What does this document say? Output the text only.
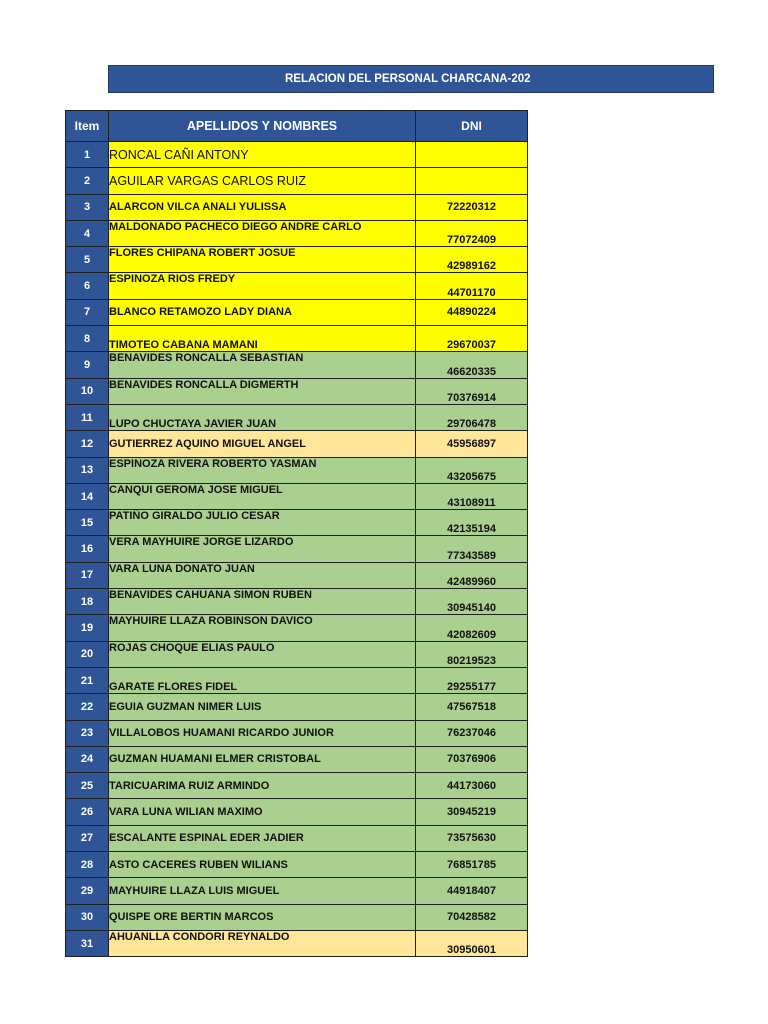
RELACION DEL PERSONAL CHARCANA-202
Item	APELLIDOS Y NOMBRES	DNI
1	RONCAL CAÑI ANTONY	
2	AGUILAR VARGAS CARLOS RUIZ	
3	ALARCON VILCA ANALI YULISSA	72220312
4	MALDONADO PACHECO DIEGO ANDRE CARLO	77072409
5	FLORES CHIPANA ROBERT JOSUE	42989162
6	ESPINOZA RIOS FREDY	44701170
7	BLANCO RETAMOZO LADY DIANA	44890224
8	TIMOTEO CABANA MAMANI	29670037
9	BENAVIDES RONCALLA SEBASTIAN	46620335
10	BENAVIDES RONCALLA DIGMERTH	70376914
11	LUPO CHUCTAYA JAVIER JUAN	29706478
12	GUTIERREZ AQUINO MIGUEL ANGEL	45956897
13	ESPINOZA RIVERA ROBERTO YASMAN	43205675
14	CANQUI GEROMA JOSE MIGUEL	43108911
15	PATIÑO GIRALDO JULIO CESAR	42135194
16	VERA MAYHUIRE JORGE LIZARDO	77343589
17	VARA LUNA DONATO JUAN	42489960
18	BENAVIDES CAHUANA SIMON RUBEN	30945140
19	MAYHUIRE LLAZA ROBINSON DAVICO	42082609
20	ROJAS CHOQUE ELIAS PAULO	80219523
21	GARATE FLORES FIDEL	29255177
22	EGUIA GUZMAN NIMER LUIS	47567518
23	VILLALOBOS HUAMANI RICARDO JUNIOR	76237046
24	GUZMAN HUAMANI ELMER CRISTOBAL	70376906
25	TARICUARIMA RUIZ ARMINDO	44173060
26	VARA LUNA WILIAN MAXIMO	30945219
27	ESCALANTE ESPINAL EDER JADIER	73575630
28	ASTO CACERES RUBEN WILIANS	76851785
29	MAYHUIRE LLAZA LUIS MIGUEL	44918407
30	QUISPE ORE BERTIN MARCOS	70428582
31	AHUANLLA CONDORI REYNALDO	30950601
